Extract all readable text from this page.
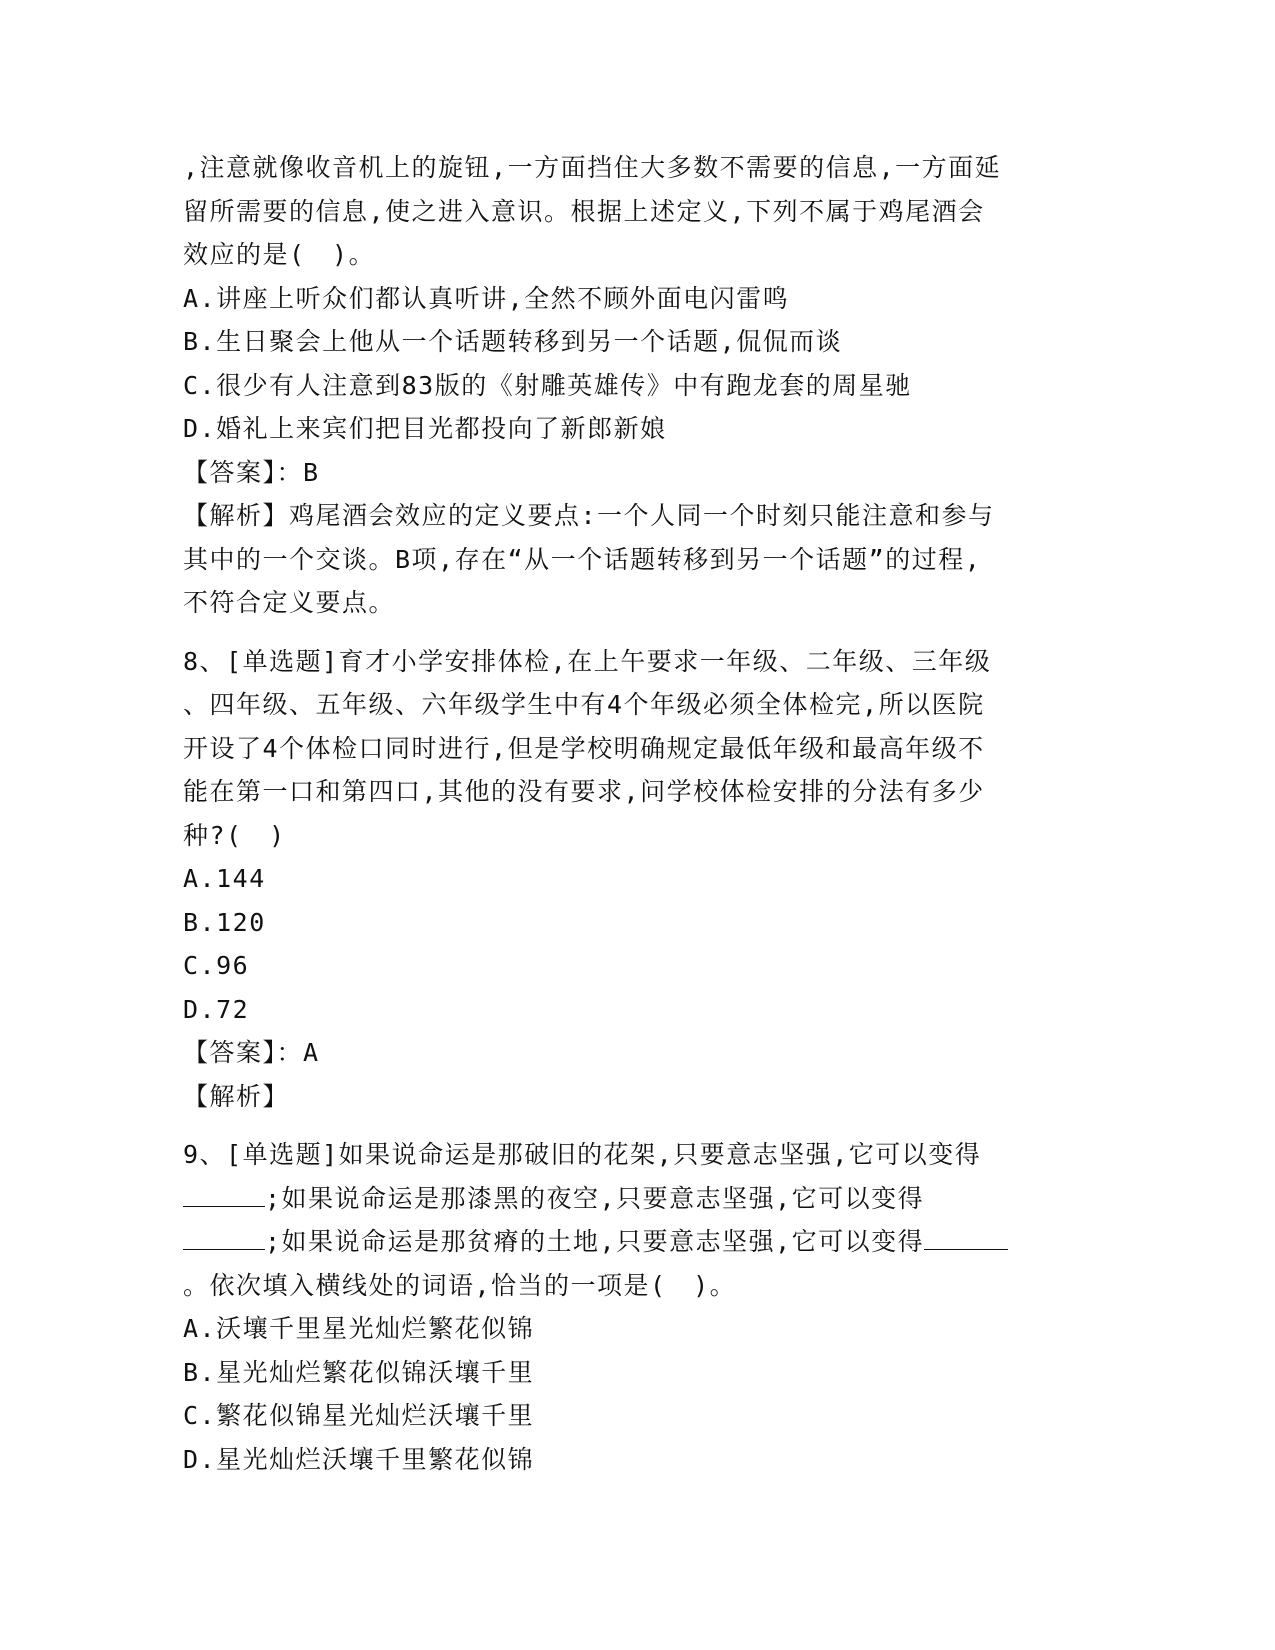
,注意就像收音机上的旋钮,一方面挡住大多数不需要的信息,一方面延
留所需要的信息,使之进入意识。根据上述定义,下列不属于鸡尾酒会
效应的是(　)。
A.讲座上听众们都认真听讲,全然不顾外面电闪雷鸣
B.生日聚会上他从一个话题转移到另一个话题,侃侃而谈
C.很少有人注意到83版的《射雕英雄传》中有跑龙套的周星驰
D.婚礼上来宾们把目光都投向了新郎新娘
【答案】：B
【解析】鸡尾酒会效应的定义要点:一个人同一个时刻只能注意和参与
其中的一个交谈。B项,存在“从一个话题转移到另一个话题”的过程,
不符合定义要点。
8、[单选题]育才小学安排体检,在上午要求一年级、二年级、三年级
、四年级、五年级、六年级学生中有4个年级必须全体检完,所以医院
开设了4个体检口同时进行,但是学校明确规定最低年级和最高年级不
能在第一口和第四口,其他的没有要求,问学校体检安排的分法有多少
种?(　)
A.144
B.120
C.96
D.72
【答案】：A
【解析】
9、[单选题]如果说命运是那破旧的花架,只要意志坚强,它可以变得
;如果说命运是那漆黑的夜空,只要意志坚强,它可以变得
;如果说命运是那贫瘠的土地,只要意志坚强,它可以变得
。依次填入横线处的词语,恰当的一项是(　)。
A.沃壤千里星光灿烂繁花似锦
B.星光灿烂繁花似锦沃壤千里
C.繁花似锦星光灿烂沃壤千里
D.星光灿烂沃壤千里繁花似锦
